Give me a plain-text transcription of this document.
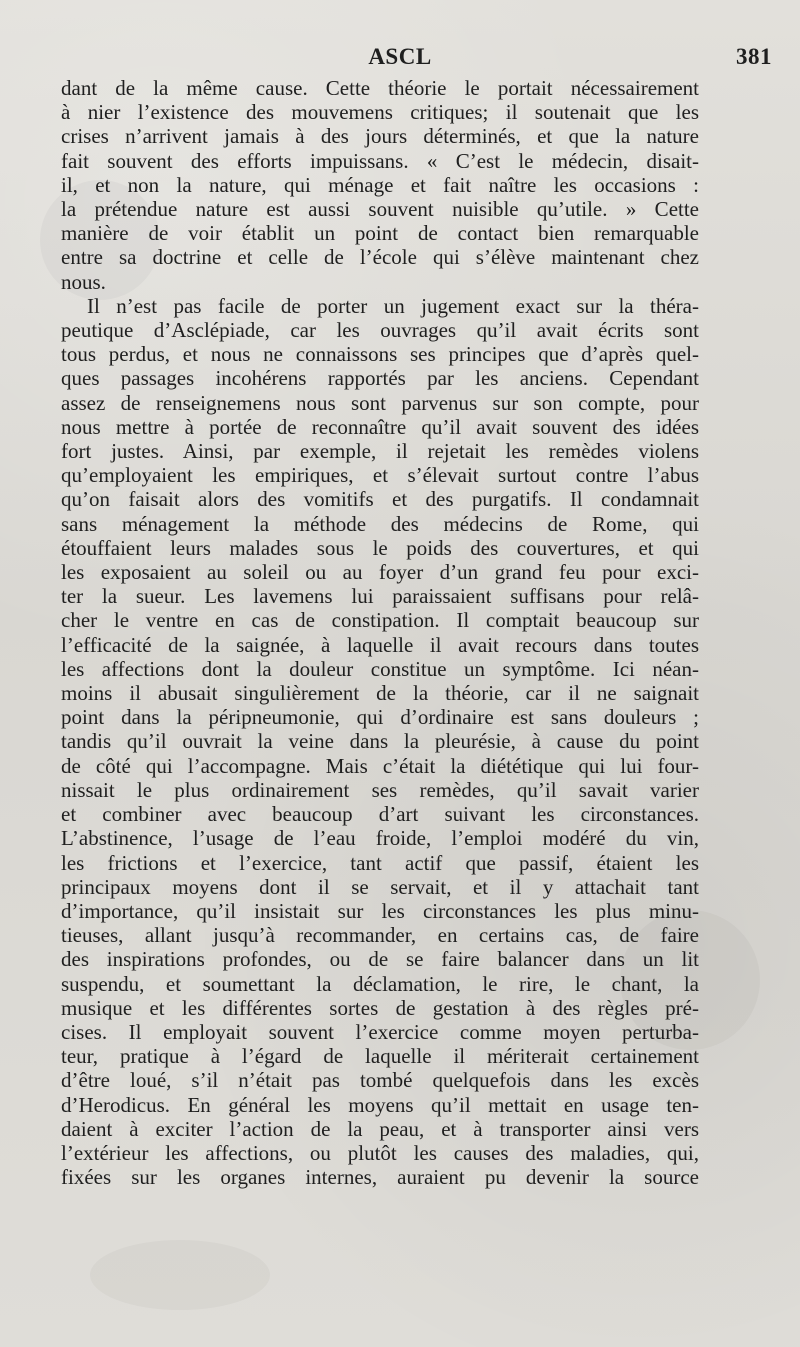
ASCL	381
dant de la même cause. Cette théorie le portait nécessairement
à nier l’existence des mouvemens critiques; il soutenait que les
crises n’arrivent jamais à des jours déterminés, et que la nature
fait souvent des efforts impuissans. « C’est le médecin, disait-
il, et non la nature, qui ménage et fait naître les occasions :
la prétendue nature est aussi souvent nuisible qu’utile. » Cette
manière de voir établit un point de contact bien remarquable
entre sa doctrine et celle de l’école qui s’élève maintenant chez
nous.
Il n’est pas facile de porter un jugement exact sur la théra-
peutique d’Asclépiade, car les ouvrages qu’il avait écrits sont
tous perdus, et nous ne connaissons ses principes que d’après quel-
ques passages incohérens rapportés par les anciens. Cependant
assez de renseignemens nous sont parvenus sur son compte, pour
nous mettre à portée de reconnaître qu’il avait souvent des idées
fort justes. Ainsi, par exemple, il rejetait les remèdes violens
qu’employaient les empiriques, et s’élevait surtout contre l’abus
qu’on faisait alors des vomitifs et des purgatifs. Il condamnait
sans ménagement la méthode des médecins de Rome, qui
étouffaient leurs malades sous le poids des couvertures, et qui
les exposaient au soleil ou au foyer d’un grand feu pour exci-
ter la sueur. Les lavemens lui paraissaient suffisans pour relâ-
cher le ventre en cas de constipation. Il comptait beaucoup sur
l’efficacité de la saignée, à laquelle il avait recours dans toutes
les affections dont la douleur constitue un symptôme. Ici néan-
moins il abusait singulièrement de la théorie, car il ne saignait
point dans la péripneumonie, qui d’ordinaire est sans douleurs ;
tandis qu’il ouvrait la veine dans la pleurésie, à cause du point
de côté qui l’accompagne. Mais c’était la diététique qui lui four-
nissait le plus ordinairement ses remèdes, qu’il savait varier
et combiner avec beaucoup d’art suivant les circonstances.
L’abstinence, l’usage de l’eau froide, l’emploi modéré du vin,
les frictions et l’exercice, tant actif que passif, étaient les
principaux moyens dont il se servait, et il y attachait tant
d’importance, qu’il insistait sur les circonstances les plus minu-
tieuses, allant jusqu’à recommander, en certains cas, de faire
des inspirations profondes, ou de se faire balancer dans un lit
suspendu, et soumettant la déclamation, le rire, le chant, la
musique et les différentes sortes de gestation à des règles pré-
cises. Il employait souvent l’exercice comme moyen perturba-
teur, pratique à l’égard de laquelle il mériterait certainement
d’être loué, s’il n’était pas tombé quelquefois dans les excès
d’Herodicus. En général les moyens qu’il mettait en usage ten-
daient à exciter l’action de la peau, et à transporter ainsi vers
l’extérieur les affections, ou plutôt les causes des maladies, qui,
fixées sur les organes internes, auraient pu devenir la source
